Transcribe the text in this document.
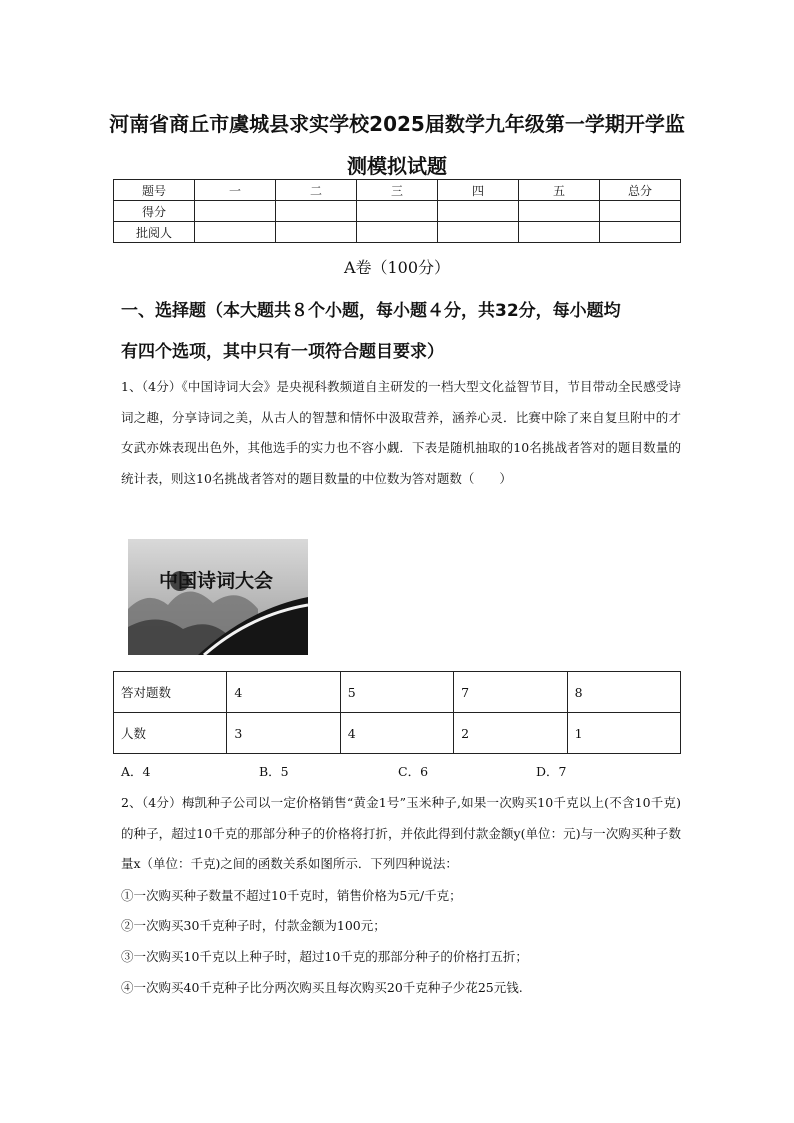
河南省商丘市虞城县求实学校2025届数学九年级第一学期开学监
测模拟试题
题号	一	二	三	四	五	总分
得分						
批阅人						
A卷（100分）
一、选择题（本大题共８个小题，每小题４分，共32分，每小题均
有四个选项，其中只有一项符合题目要求）
1、（4分）《中国诗词大会》是央视科教频道自主研发的一档大型文化益智节目，节目带动全民感受诗词之趣，分享诗词之美，从古人的智慧和情怀中汲取营养，涵养心灵．比赛中除了来自复旦附中的才女武亦姝表现出色外，其他选手的实力也不容小觑．下表是随机抽取的10名挑战者答对的题目数量的统计表，则这10名挑战者答对的题目数量的中位数为答对题数（　　）
中国诗词大会
答对题数	4	5	7	8
人数	3	4	2	1
A．4	B．5	C．6	D．7
2、（4分）梅凯种子公司以一定价格销售“黄金1号”玉米种子,如果一次购买10千克以上(不含10千克)的种子，超过10千克的那部分种子的价格将打折，并依此得到付款金额y(单位：元)与一次购买种子数量x（单位：千克)之间的函数关系如图所示．下列四种说法：
①一次购买种子数量不超过10千克时，销售价格为5元/千克；
②一次购买30千克种子时，付款金额为100元；
③一次购买10千克以上种子时，超过10千克的那部分种子的价格打五折；
④一次购买40千克种子比分两次购买且每次购买20千克种子少花25元钱.
